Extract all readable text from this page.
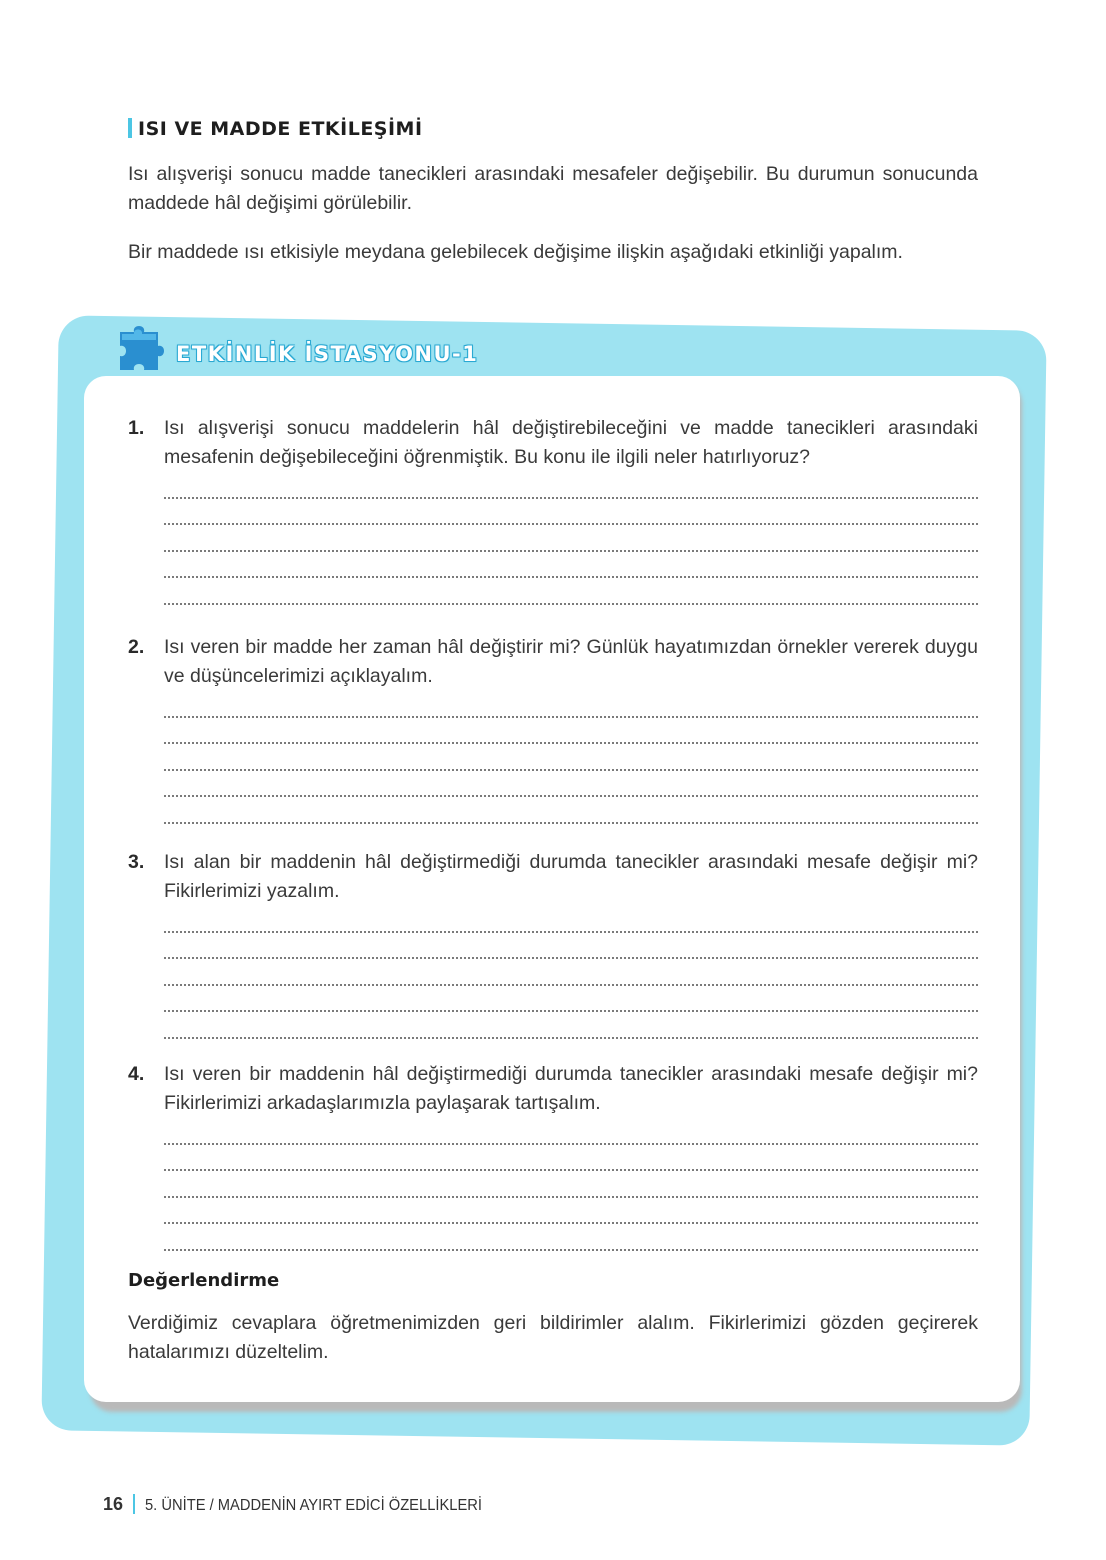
ISI VE MADDE ETKİLEŞİMİ

Isı alışverişi sonucu madde tanecikleri arasındaki mesafeler değişebilir. Bu durumun sonucunda maddede hâl değişimi görülebilir.

Bir maddede ısı etkisiyle meydana gelebilecek değişime ilişkin aşağıdaki etkinliği yapalım.

ETKİNLİK İSTASYONU-1
1. Isı alışverişi sonucu maddelerin hâl değiştirebileceğini ve madde tanecikleri arasındaki mesafenin değişebileceğini öğrenmiştik. Bu konu ile ilgili neler hatırlıyoruz?

2. Isı veren bir madde her zaman hâl değiştirir mi? Günlük hayatımızdan örnekler vererek duygu ve düşüncelerimizi açıklayalım.

3. Isı alan bir maddenin hâl değiştirmediği durumda tanecikler arasındaki mesafe değişir mi? Fikirlerimizi yazalım.

4. Isı veren bir maddenin hâl değiştirmediği durumda tanecikler arasındaki mesafe değişir mi? Fikirlerimizi arkadaşlarımızla paylaşarak tartışalım.

Değerlendirme

Verdiğimiz cevaplara öğretmenimizden geri bildirimler alalım. Fikirlerimizi gözden geçirerek hatalarımızı düzeltelim.

16 5. ÜNİTE / MADDENİN AYIRT EDİCİ ÖZELLİKLERİ
